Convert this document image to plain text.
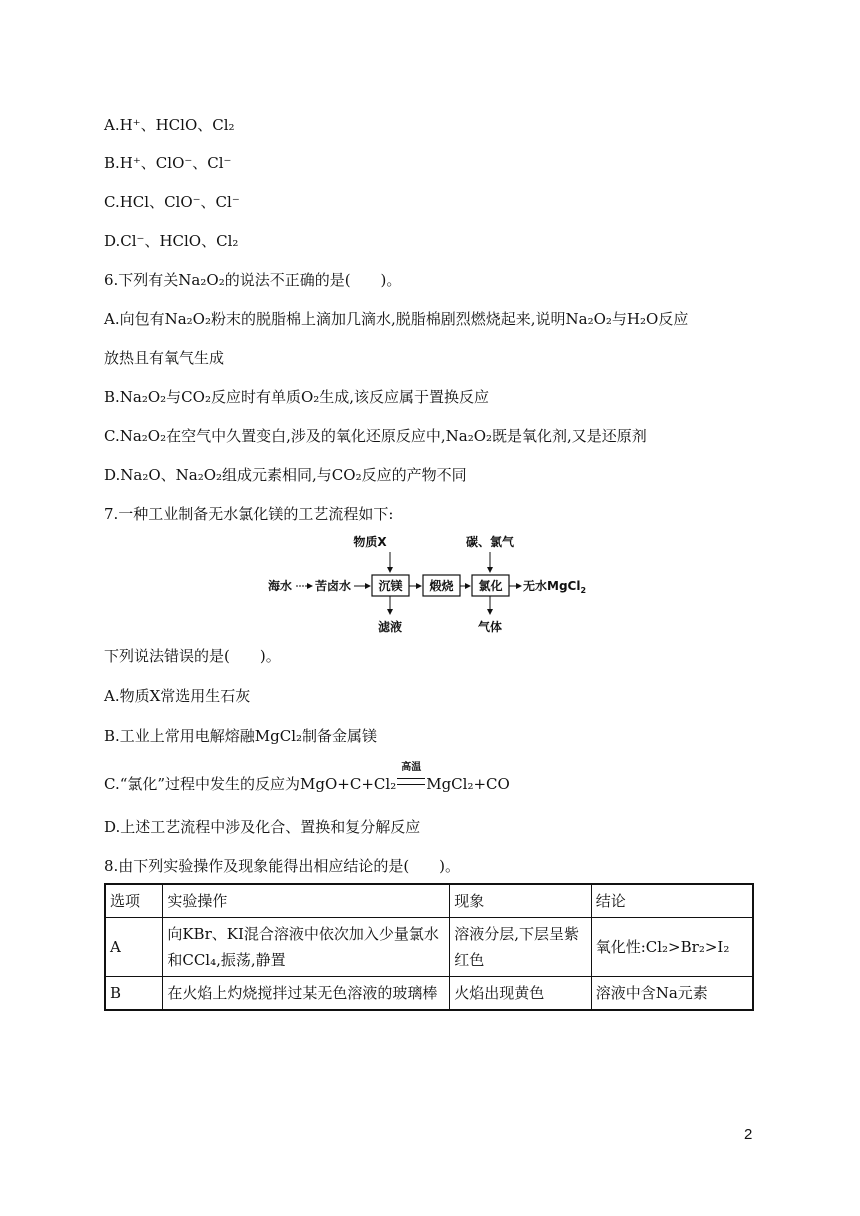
A.H⁺、HClO、Cl₂
B.H⁺、ClO⁻、Cl⁻
C.HCl、ClO⁻、Cl⁻
D.Cl⁻、HClO、Cl₂
6.下列有关Na₂O₂的说法不正确的是(　　)。
A.向包有Na₂O₂粉末的脱脂棉上滴加几滴水,脱脂棉剧烈燃烧起来,说明Na₂O₂与H₂O反应
放热且有氧气生成
B.Na₂O₂与CO₂反应时有单质O₂生成,该反应属于置换反应
C.Na₂O₂在空气中久置变白,涉及的氧化还原反应中,Na₂O₂既是氧化剂,又是还原剂
D.Na₂O、Na₂O₂组成元素相同,与CO₂反应的产物不同
7.一种工业制备无水氯化镁的工艺流程如下:
物质X	碳、氯气
海水 苦卤水 沉镁 煅烧 氯化 无水MgCl$_2$
滤液	气体
下列说法错误的是(　　)。
A.物质X常选用生石灰
B.工业上常用电解熔融MgCl₂制备金属镁
C.“氯化”过程中发生的反应为MgO+C+Cl₂
高温
MgCl₂+CO
D.上述工艺流程中涉及化合、置换和复分解反应
8.由下列实验操作及现象能得出相应结论的是(　　)。
选项	实验操作	现象	结论
A	向KBr、KI混合溶液中依次加入少量氯水和CCl₄,振荡,静置	溶液分层,下层呈紫红色	氧化性:Cl₂>Br₂>I₂
B	在火焰上灼烧搅拌过某无色溶液的玻璃棒	火焰出现黄色	溶液中含Na元素
2
